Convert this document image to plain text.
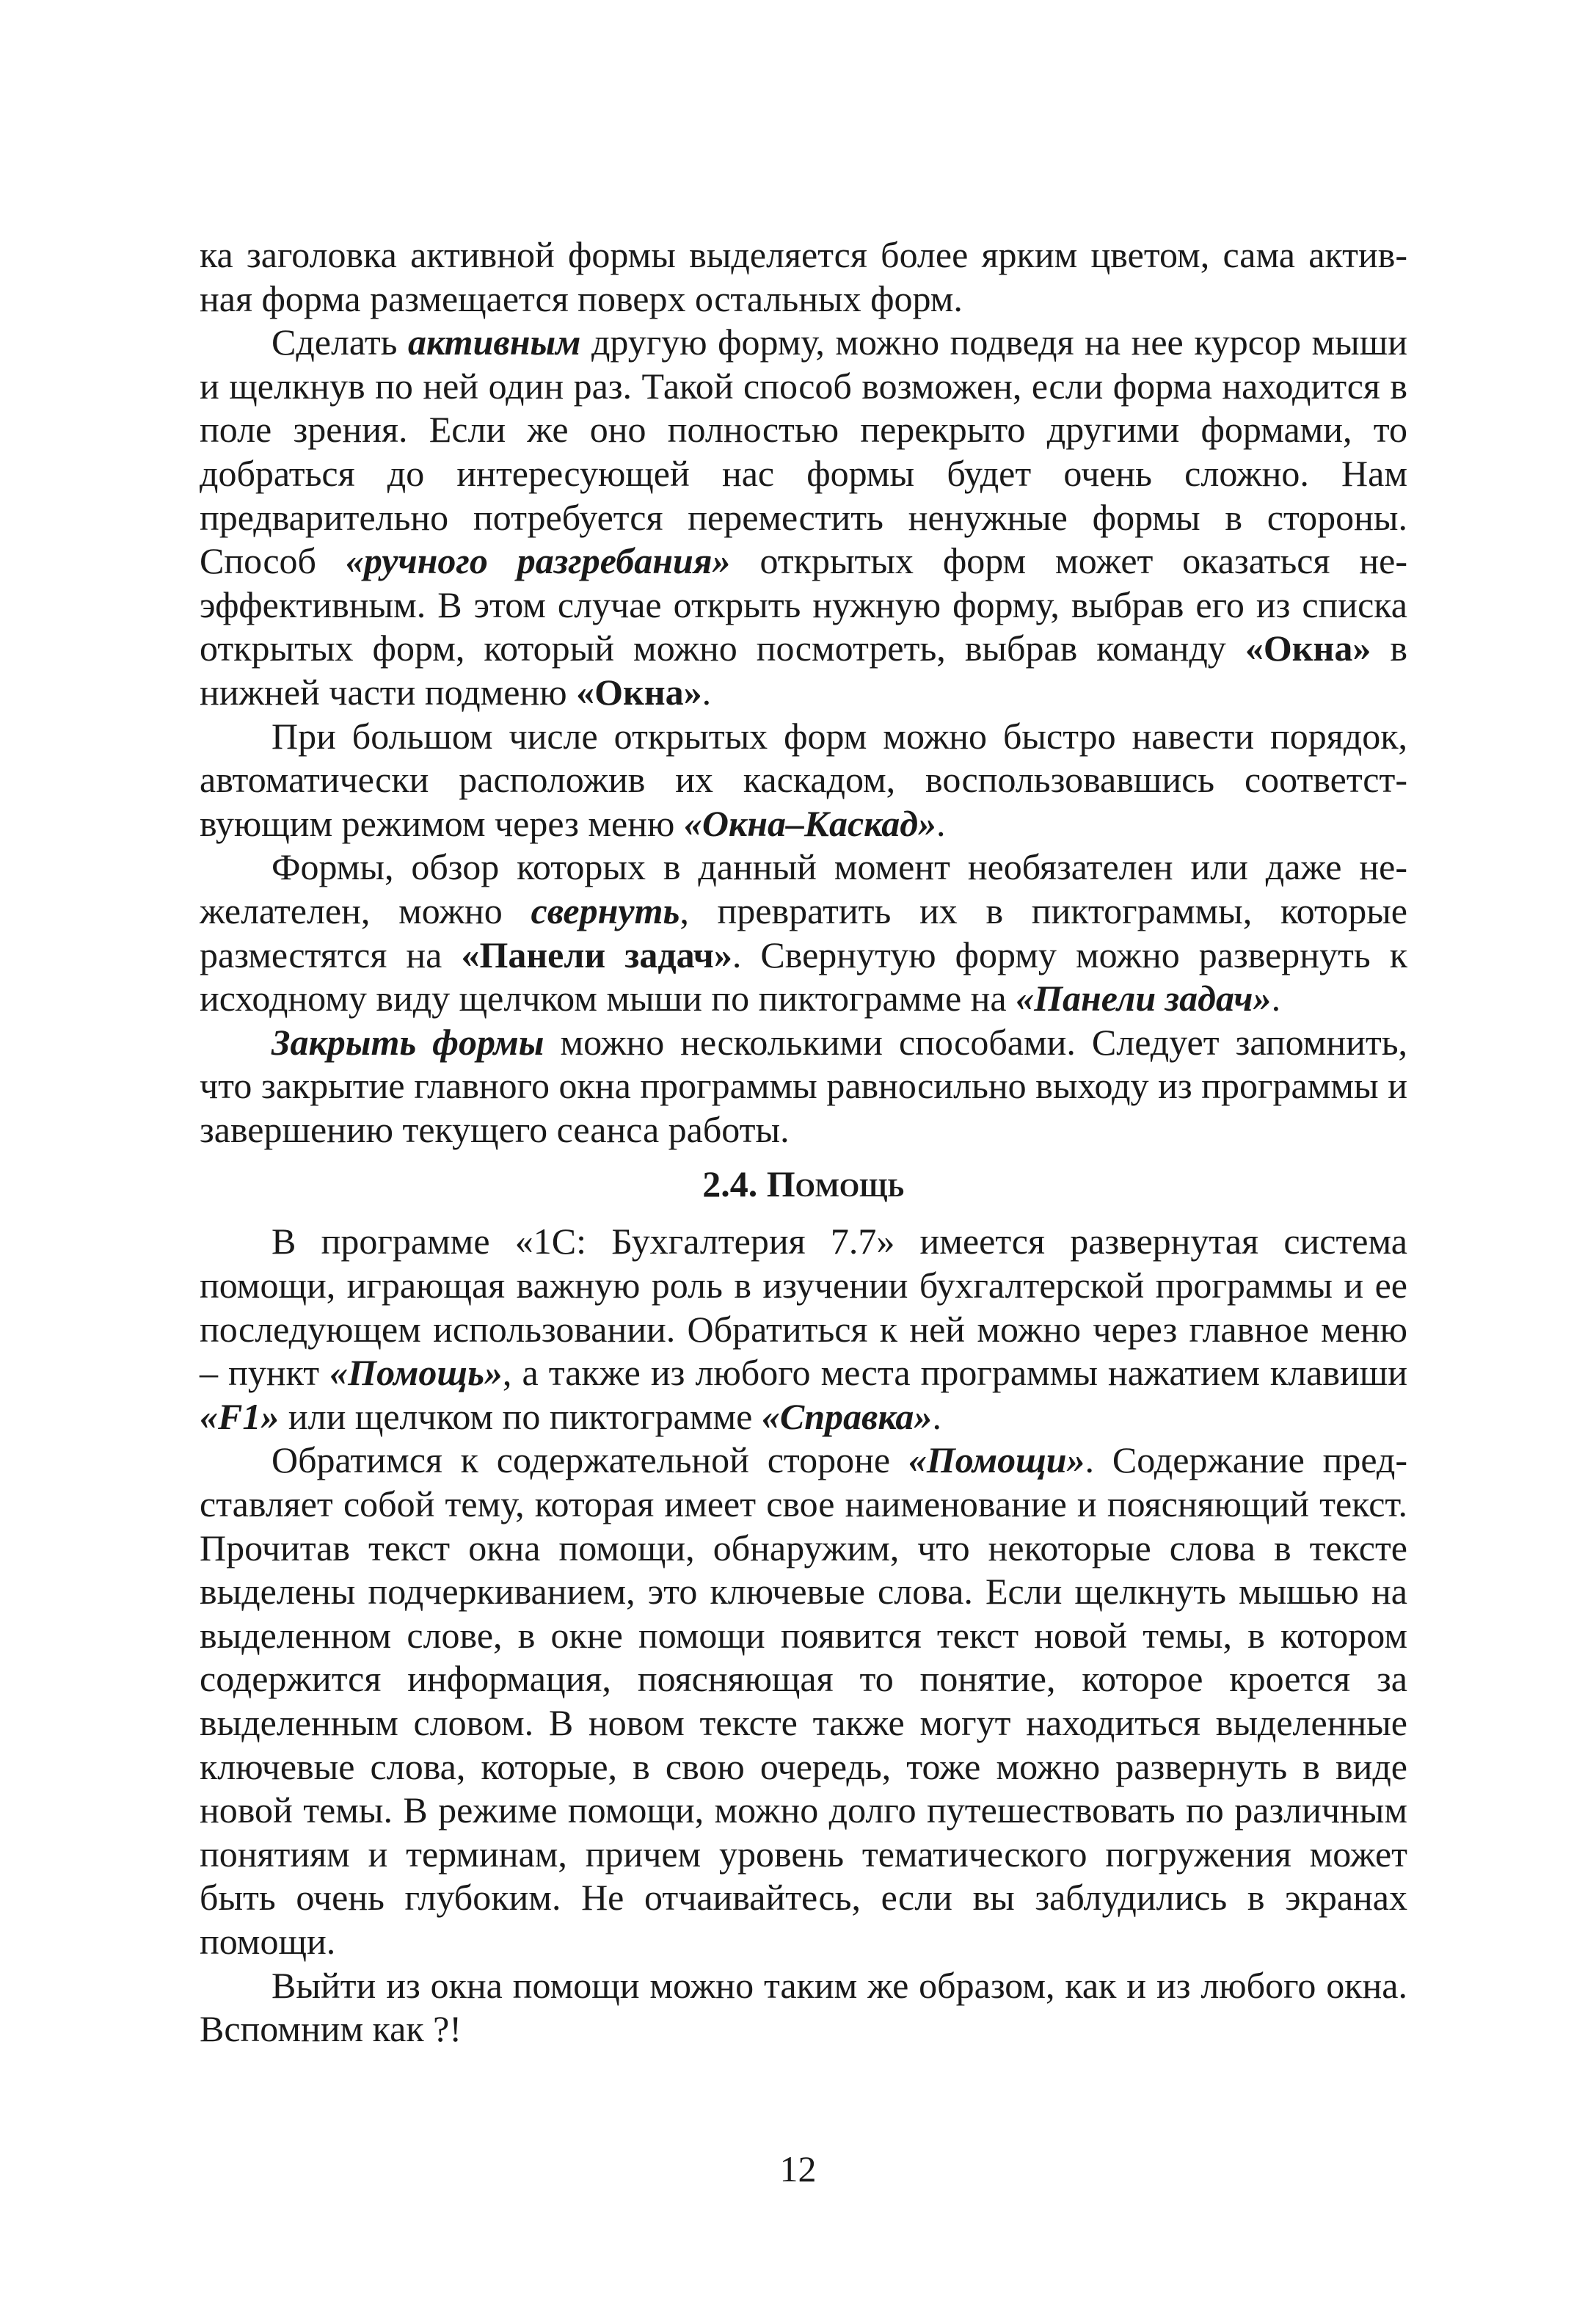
ка заголовка активной формы выделяется более ярким цветом, сама активная форма размещается поверх остальных форм.

Сделать активным другую форму, можно подведя на нее курсор мыши и щелкнув по ней один раз. Такой способ возможен, если форма находится в поле зрения. Если же оно полностью перекрыто другими формами, то добраться до интересующей нас формы будет очень сложно. Нам предварительно потребуется переместить ненужные формы в стороны. Способ «ручного разгребания» открытых форм может оказаться неэффективным. В этом случае открыть нужную форму, выбрав его из списка открытых форм, который можно посмотреть, выбрав команду «Окна» в нижней части подменю «Окна».

При большом числе открытых форм можно быстро навести порядок, автоматически расположив их каскадом, воспользовавшись соответствующим режимом через меню «Окна–Каскад».

Формы, обзор которых в данный момент необязателен или даже нежелателен, можно свернуть, превратить их в пиктограммы, которые разместятся на «Панели задач». Свернутую форму можно развернуть к исходному виду щелчком мыши по пиктограмме на «Панели задач».

Закрыть формы можно несколькими способами. Следует запомнить, что закрытие главного окна программы равносильно выходу из программы и завершению текущего сеанса работы.

2.4. Помощь

В программе «1С: Бухгалтерия 7.7» имеется развернутая система помощи, играющая важную роль в изучении бухгалтерской программы и ее последующем использовании. Обратиться к ней можно через главное меню – пункт «Помощь», а также из любого места программы нажатием клавиши «F1» или щелчком по пиктограмме «Справка».

Обратимся к содержательной стороне «Помощи». Содержание представляет собой тему, которая имеет свое наименование и поясняющий текст. Прочитав текст окна помощи, обнаружим, что некоторые слова в тексте выделены подчеркиванием, это ключевые слова. Если щелкнуть мышью на выделенном слове, в окне помощи появится текст новой темы, в котором содержится информация, поясняющая то понятие, которое кроется за выделенным словом. В новом тексте также могут находиться выделенные ключевые слова, которые, в свою очередь, тоже можно развернуть в виде новой темы. В режиме помощи, можно долго путешествовать по различным понятиям и терминам, причем уровень тематического погружения может быть очень глубоким. Не отчаивайтесь, если вы заблудились в экранах помощи.

Выйти из окна помощи можно таким же образом, как и из любого окна. Вспомним как ?!

12
